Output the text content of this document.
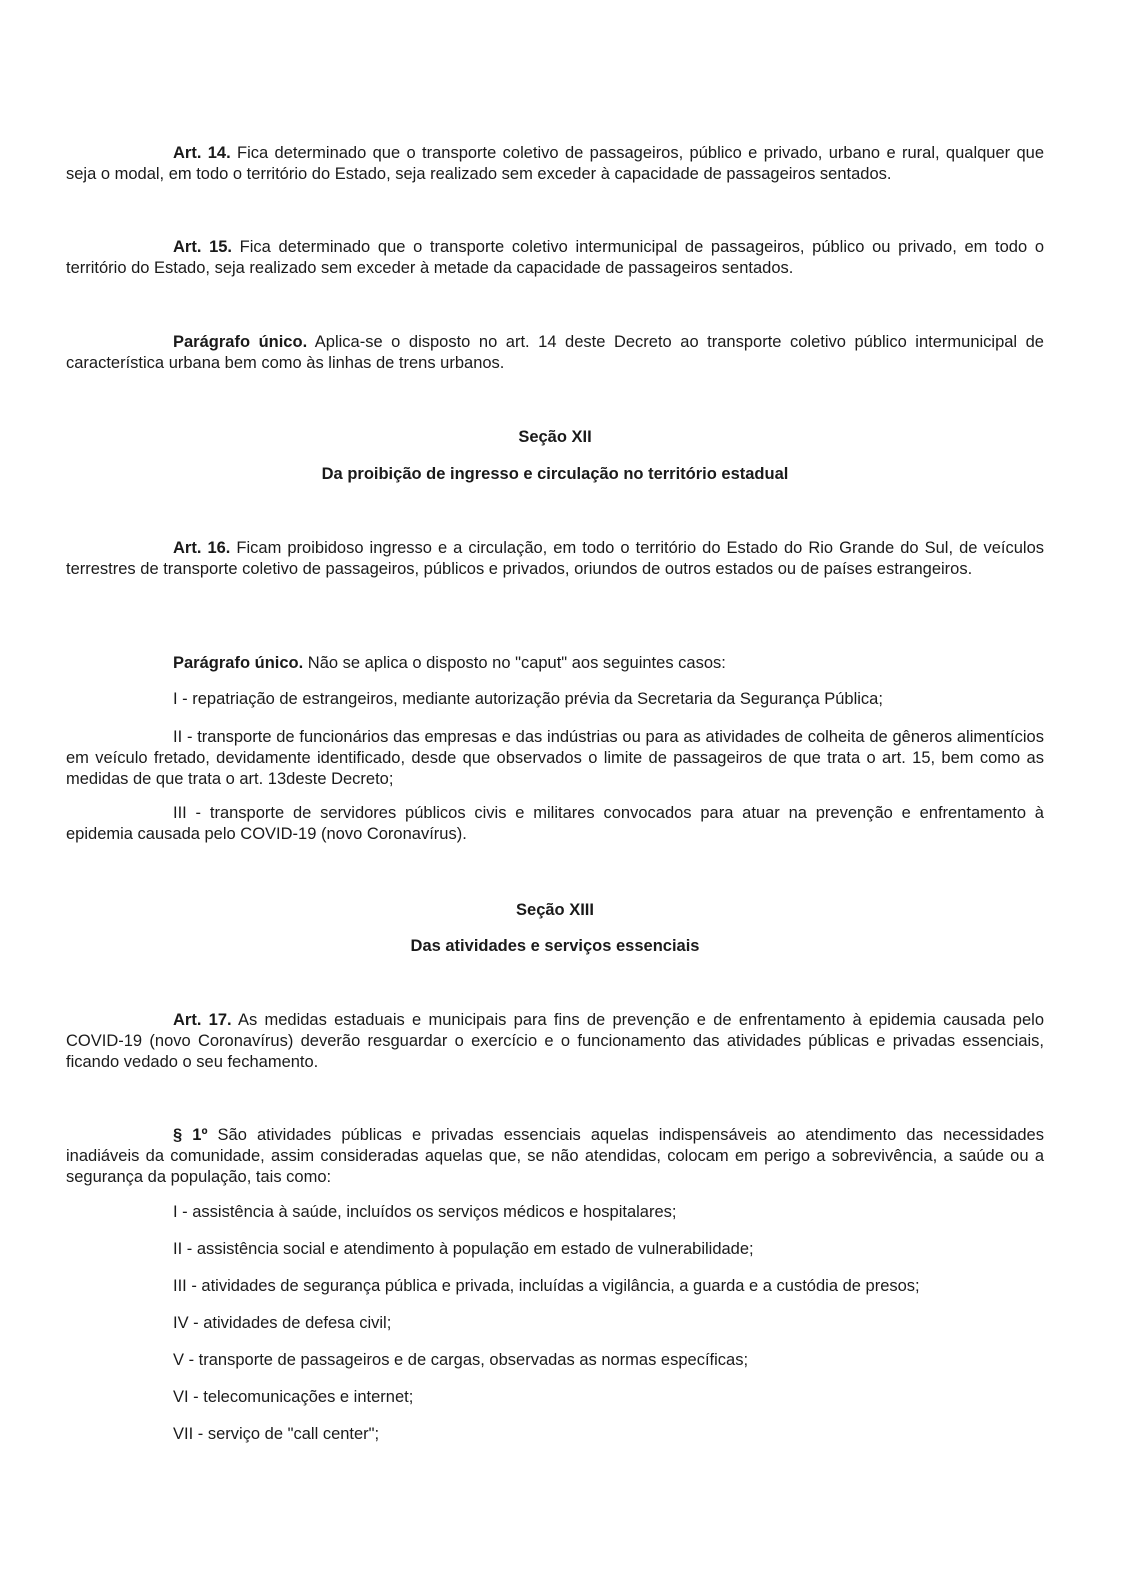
Art. 14. Fica determinado que o transporte coletivo de passageiros, público e privado, urbano e rural, qualquer que seja o modal, em todo o território do Estado, seja realizado sem exceder à capacidade de passageiros sentados.

Art. 15. Fica determinado que o transporte coletivo intermunicipal de passageiros, público ou privado, em todo o território do Estado, seja realizado sem exceder à metade da capacidade de passageiros sentados.

Parágrafo único. Aplica-se o disposto no art. 14 deste Decreto ao transporte coletivo público intermunicipal de característica urbana bem como às linhas de trens urbanos.

Seção XII

Da proibição de ingresso e circulação no território estadual

Art. 16. Ficam proibidoso ingresso e a circulação, em todo o território do Estado do Rio Grande do Sul, de veículos terrestres de transporte coletivo de passageiros, públicos e privados, oriundos de outros estados ou de países estrangeiros.

Parágrafo único. Não se aplica o disposto no "caput" aos seguintes casos:

I - repatriação de estrangeiros, mediante autorização prévia da Secretaria da Segurança Pública;

II - transporte de funcionários das empresas e das indústrias ou para as atividades de colheita de gêneros alimentícios em veículo fretado, devidamente identificado, desde que observados o limite de passageiros de que trata o art. 15, bem como as medidas de que trata o art. 13deste Decreto;

III - transporte de servidores públicos civis e militares convocados para atuar na prevenção e enfrentamento à epidemia causada pelo COVID-19 (novo Coronavírus).

Seção XIII

Das atividades e serviços essenciais

Art. 17. As medidas estaduais e municipais para fins de prevenção e de enfrentamento à epidemia causada pelo COVID-19 (novo Coronavírus) deverão resguardar o exercício e o funcionamento das atividades públicas e privadas essenciais, ficando vedado o seu fechamento.

§ 1º São atividades públicas e privadas essenciais aquelas indispensáveis ao atendimento das necessidades inadiáveis da comunidade, assim consideradas aquelas que, se não atendidas, colocam em perigo a sobrevivência, a saúde ou a segurança da população, tais como:

I - assistência à saúde, incluídos os serviços médicos e hospitalares;

II - assistência social e atendimento à população em estado de vulnerabilidade;

III - atividades de segurança pública e privada, incluídas a vigilância, a guarda e a custódia de presos;

IV - atividades de defesa civil;

V - transporte de passageiros e de cargas, observadas as normas específicas;

VI - telecomunicações e internet;

VII - serviço de "call center";
